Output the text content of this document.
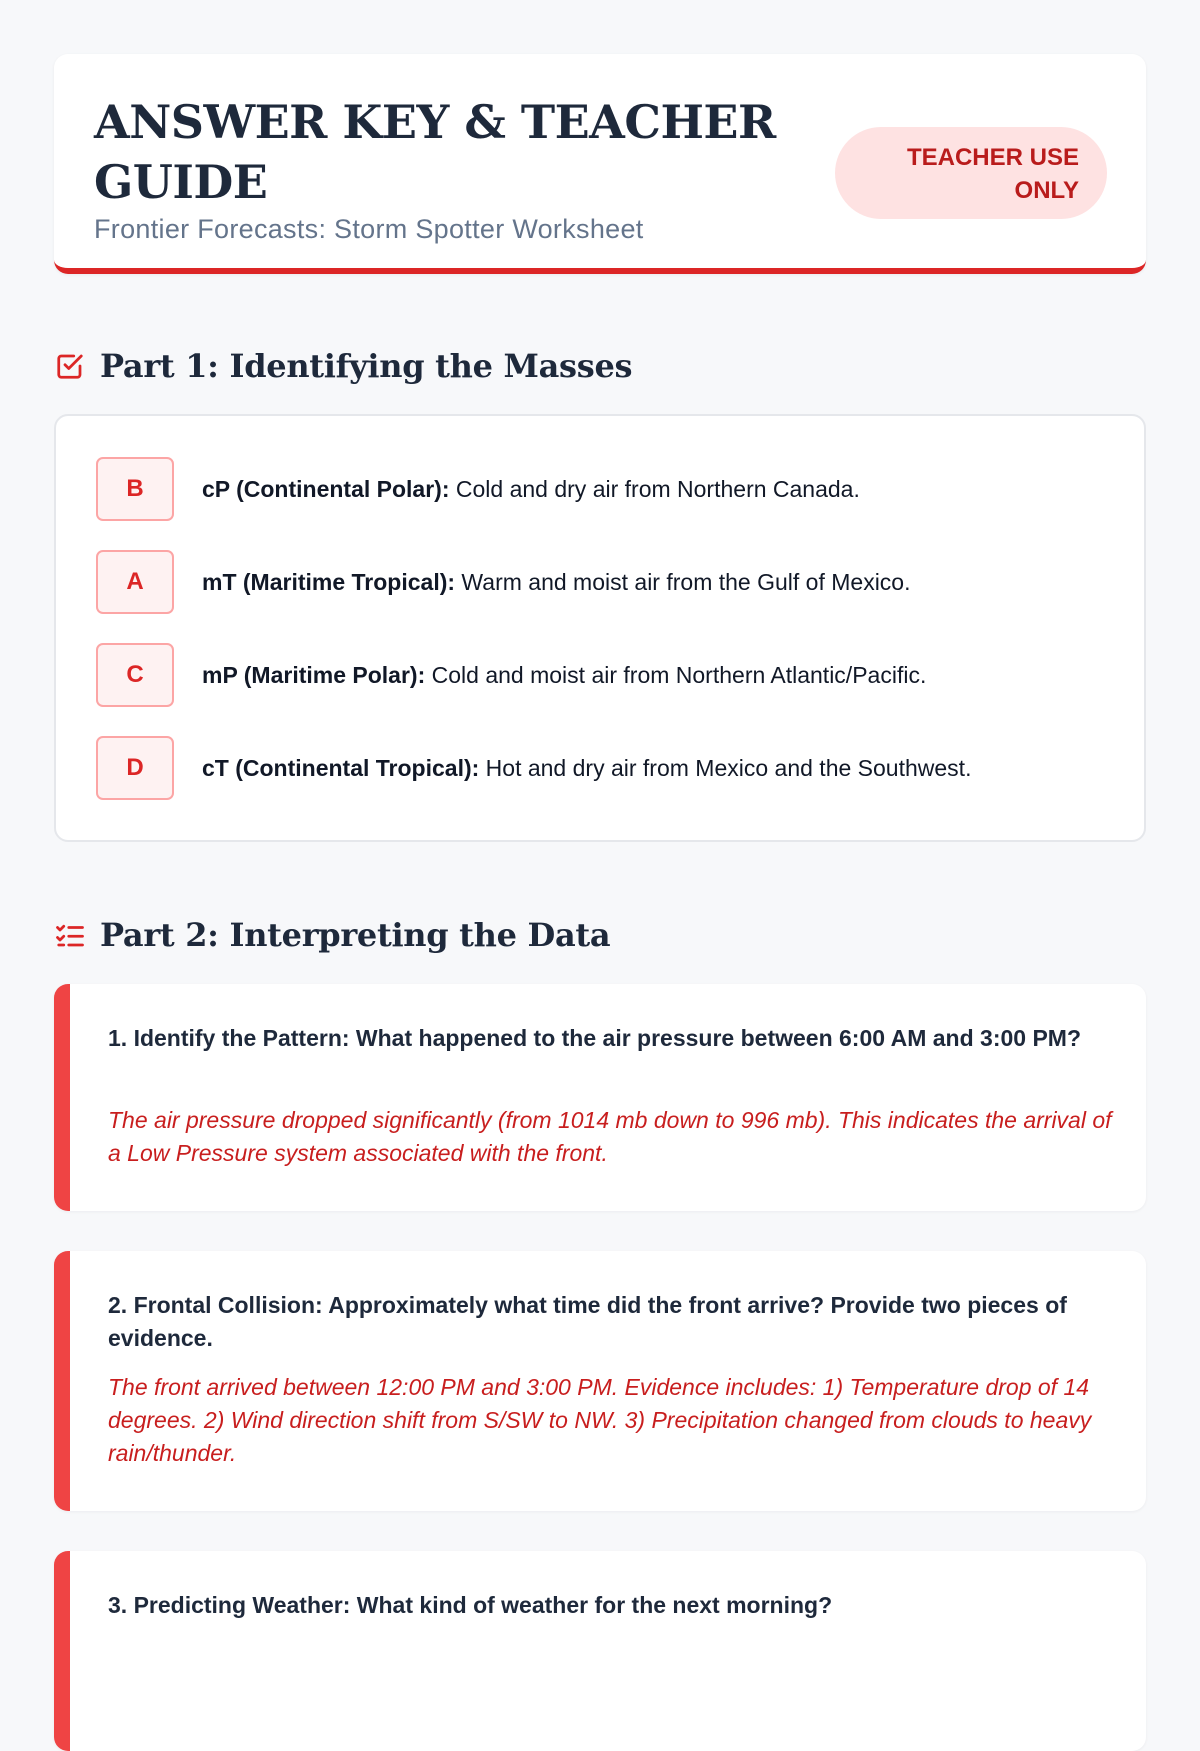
ANSWER KEY & TEACHER GUIDE
Frontier Forecasts: Storm Spotter Worksheet
TEACHER USE ONLY
Part 1: Identifying the Masses
B	cP (Continental Polar): Cold and dry air from Northern Canada.
A	mT (Maritime Tropical): Warm and moist air from the Gulf of Mexico.
C	mP (Maritime Polar): Cold and moist air from Northern Atlantic/Pacific.
D	cT (Continental Tropical): Hot and dry air from Mexico and the Southwest.
Part 2: Interpreting the Data

1. Identify the Pattern: What happened to the air pressure between 6:00 AM and 3:00 PM?

The air pressure dropped significantly (from 1014 mb down to 996 mb). This indicates the arrival of a Low Pressure system associated with the front.

2. Frontal Collision: Approximately what time did the front arrive? Provide two pieces of evidence.

The front arrived between 12:00 PM and 3:00 PM. Evidence includes: 1) Temperature drop of 14 degrees. 2) Wind direction shift from S/SW to NW. 3) Precipitation changed from clouds to heavy rain/thunder.

3. Predicting Weather: What kind of weather for the next morning?
